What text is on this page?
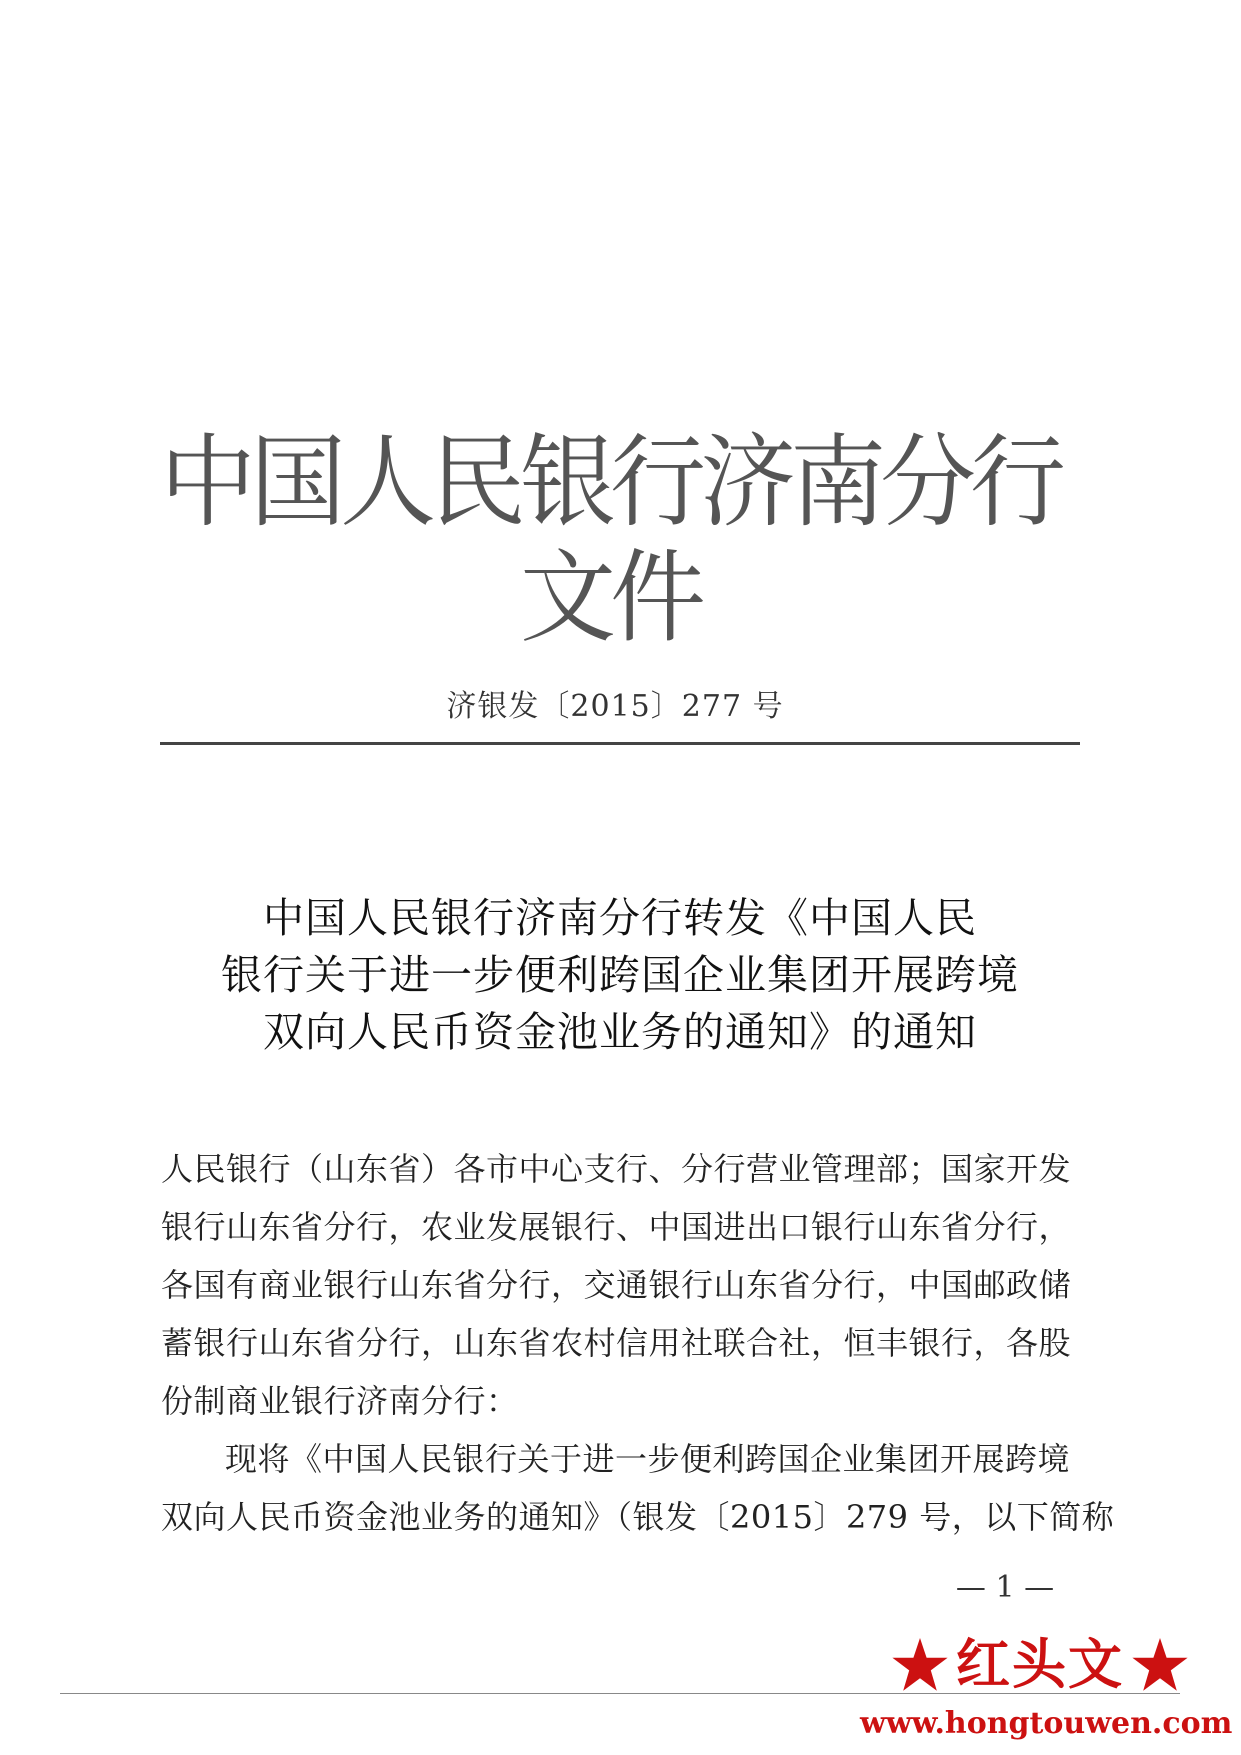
中国人民银行济南分行文件
济银发〔2015〕277 号
中国人民银行济南分行转发《中国人民
银行关于进一步便利跨国企业集团开展跨境
双向人民币资金池业务的通知》的通知
人民银行（山东省）各市中心支行、分行营业管理部；国家开发
银行山东省分行，农业发展银行、中国进出口银行山东省分行，
各国有商业银行山东省分行，交通银行山东省分行，中国邮政储
蓄银行山东省分行，山东省农村信用社联合社，恒丰银行，各股
份制商业银行济南分行：
现将《中国人民银行关于进一步便利跨国企业集团开展跨境
双向人民币资金池业务的通知》（银发〔2015〕279 号，以下简称
— 1 —
红头文
www.hongtouwen.com
